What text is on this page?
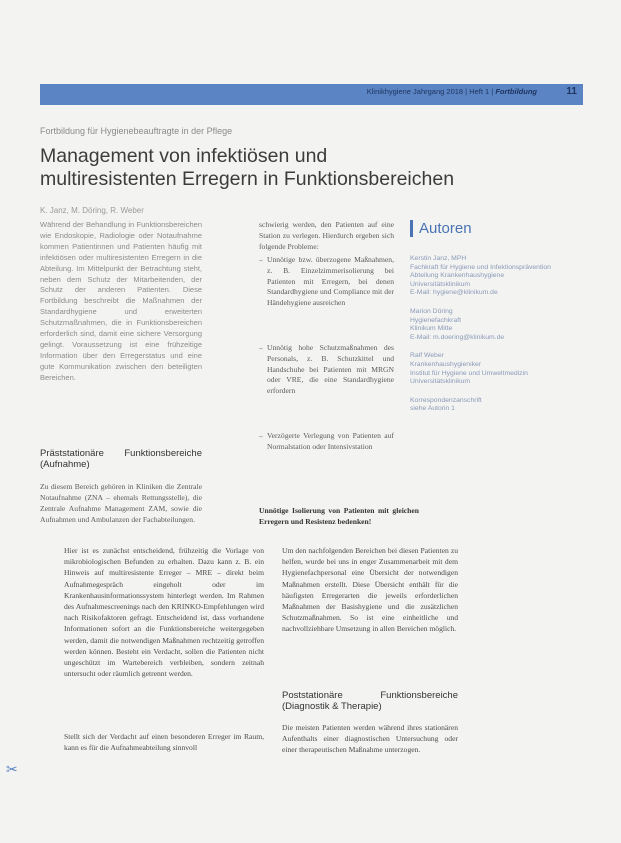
Klinikhygiene Jahrgang 2018 | Heft 1 | Fortbildung	11
Fortbildung für Hygienebeauftragte in der Pflege
Management von infektiösen und multiresistenten Erregern in Funktionsbereichen
K. Janz, M. Döring, R. Weber
Während der Behandlung in Funktionsbereichen wie Endoskopie, Radiologie oder Notaufnahme kommen Patientinnen und Patienten häufig mit infektiösen oder multiresistenten Erregern in die Abteilung. Im Mittelpunkt der Betrachtung steht, neben dem Schutz der Mitarbeitenden, der Schutz der anderen Patienten. Diese Fortbildung beschreibt die Maßnahmen der Standardhygiene und erweiterten Schutzmaßnahmen, die in Funktionsbereichen erforderlich sind, damit eine sichere Versorgung gelingt. Voraussetzung ist eine frühzeitige Information über den Erregerstatus und eine gute Kommunikation zwischen den beteiligten Bereichen.

Präststationäre Funktionsbereiche (Aufnahme)

Zu diesem Bereich gehören in Kliniken die Zentrale Notaufnahme (ZNA – ehemals Rettungsstelle), die Zentrale Aufnahme Management ZAM, sowie die Aufnahmen und Ambulanzen der Fachabteilungen.
schwierig werden, den Patienten auf eine Station zu verlegen. Hierdurch ergeben sich folgende Probleme:
– Unnötige bzw. überzogene Maßnahmen, z. B. Einzelzimmerisolierung bei Patienten mit Erregern, bei denen Standardhygiene und Compliance mit der Händehygiene ausreichen
– Unnötig hohe Schutzmaßnahmen des Personals, z. B. Schutzkittel und Handschuhe bei Patienten mit MRGN oder VRE, die eine Standardhygiene erfordern
– Verzögerte Verlegung von Patienten auf Normalstation oder Intensivstation
Unnötige Isolierung von Patienten mit gleichen Erregern und Resistenz bedenken!
Autoren

Kerstin Janz, MPH

Fachkraft für Hygiene und Infektionsprävention

Abteilung Krankenhaushygiene

Universitätsklinikum

E-Mail: hygiene@klinikum.de

Marion Döring

Hygienefachkraft

Klinikum Mitte

E-Mail: m.doering@klinikum.de

Ralf Weber

Krankenhaushygieniker

Institut für Hygiene und Umweltmedizin

Universitätsklinikum

Korrespondenzanschrift

siehe Autorin 1

Hier ist es zunächst entscheidend, frühzeitig die Vorlage von mikrobiologischen Befunden zu erhalten. Dazu kann z. B. ein Hinweis auf multiresistente Erreger – MRE – direkt beim Aufnahmegespräch eingeholt oder im Krankenhausinformationssystem hinterlegt werden. Im Rahmen des Aufnahmescreenings nach den KRINKO-Empfehlungen wird nach Risikofaktoren gefragt. Entscheidend ist, dass vorhandene Informationen sofort an die Funktionsbereiche weitergegeben werden, damit die notwendigen Maßnahmen rechtzeitig getroffen werden können. Besteht ein Verdacht, sollen die Patienten nicht ungeschützt im Wartebereich verbleiben, sondern zeitnah untersucht oder räumlich getrennt werden.
Stellt sich der Verdacht auf einen besonderen Erreger im Raum, kann es für die Aufnahmeabteilung sinnvoll
Um den nachfolgenden Bereichen bei diesen Patienten zu helfen, wurde bei uns in enger Zusammenarbeit mit dem Hygienefachpersonal eine Übersicht der notwendigen Maßnahmen erstellt. Diese Übersicht enthält für die häufigsten Erregerarten die jeweils erforderlichen Maßnahmen der Basishygiene und die zusätzlichen Schutzmaßnahmen. So ist eine einheitliche und nachvollziehbare Umsetzung in allen Bereichen möglich.

Poststationäre Funktionsbereiche (Diagnostik & Therapie)

Die meisten Patienten werden während ihres stationären Aufenthalts einer diagnostischen Untersuchung oder einer therapeutischen Maßnahme unterzogen.
✂
